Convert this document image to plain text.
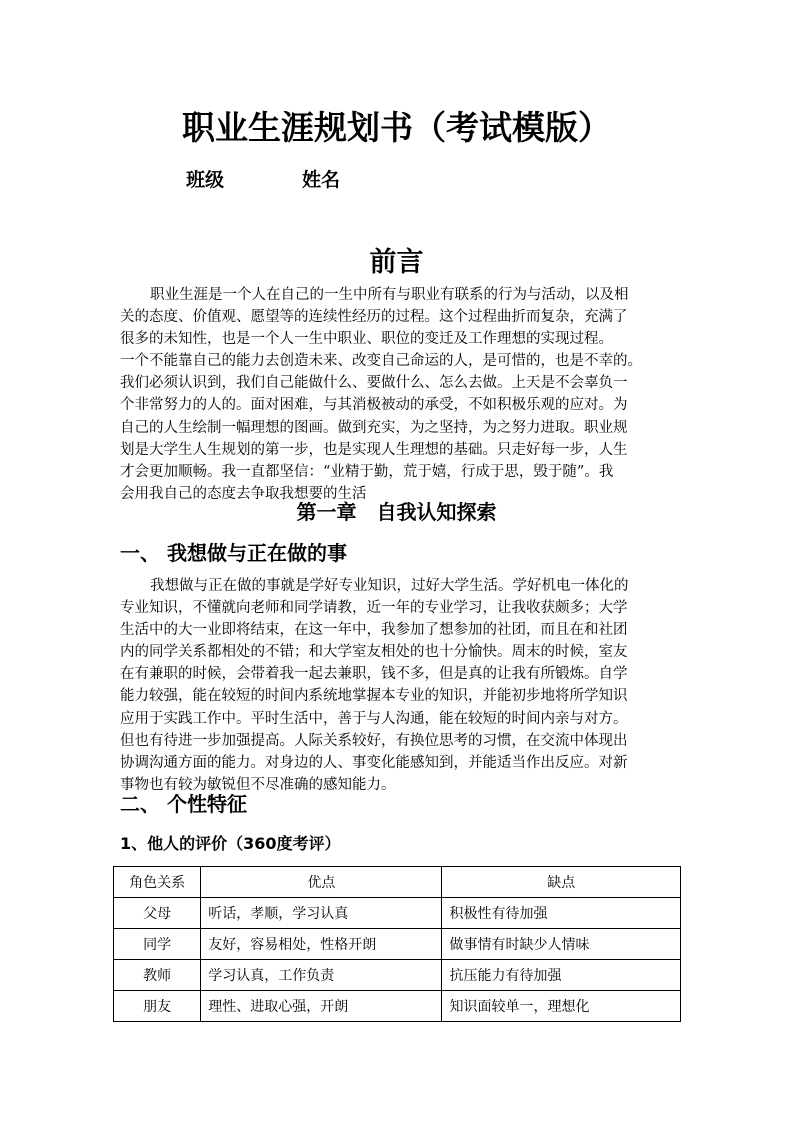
职业生涯规划书（考试模版）
班级	姓名
前言
职业生涯是一个人在自己的一生中所有与职业有联系的行为与活动，以及相
关的态度、价值观、愿望等的连续性经历的过程。这个过程曲折而复杂，充满了
很多的未知性，也是一个人一生中职业、职位的变迁及工作理想的实现过程。
一个不能靠自己的能力去创造未来、改变自己命运的人，是可惜的，也是不幸的。
我们必须认识到，我们自己能做什么、要做什么、怎么去做。上天是不会辜负一
个非常努力的人的。面对困难，与其消极被动的承受，不如积极乐观的应对。为
自己的人生绘制一幅理想的图画。做到充实，为之坚持，为之努力进取。职业规
划是大学生人生规划的第一步，也是实现人生理想的基础。只走好每一步，人生
才会更加顺畅。我一直都坚信：“业精于勤，荒于嬉，行成于思，毁于随”。我
会用我自己的态度去争取我想要的生活
第一章　自我认知探索
一、 我想做与正在做的事
我想做与正在做的事就是学好专业知识，过好大学生活。学好机电一体化的
专业知识，不懂就向老师和同学请教，近一年的专业学习，让我收获颇多；大学
生活中的大一业即将结束，在这一年中，我参加了想参加的社团，而且在和社团
内的同学关系都相处的不错；和大学室友相处的也十分愉快。周末的时候，室友
在有兼职的时候，会带着我一起去兼职，钱不多，但是真的让我有所锻炼。自学
能力较强，能在较短的时间内系统地掌握本专业的知识，并能初步地将所学知识
应用于实践工作中。平时生活中，善于与人沟通，能在较短的时间内亲与对方。
但也有待进一步加强提高。人际关系较好，有换位思考的习惯，在交流中体现出
协调沟通方面的能力。对身边的人、事变化能感知到，并能适当作出反应。对新
事物也有较为敏锐但不尽准确的感知能力。
二、 个性特征
1、他人的评价（360度考评）
角色关系	优点	缺点
父母	听话，孝顺，学习认真	积极性有待加强
同学	友好，容易相处，性格开朗	做事情有时缺少人情味
教师	学习认真，工作负责	抗压能力有待加强
朋友	理性、进取心强，开朗	知识面较单一，理想化
